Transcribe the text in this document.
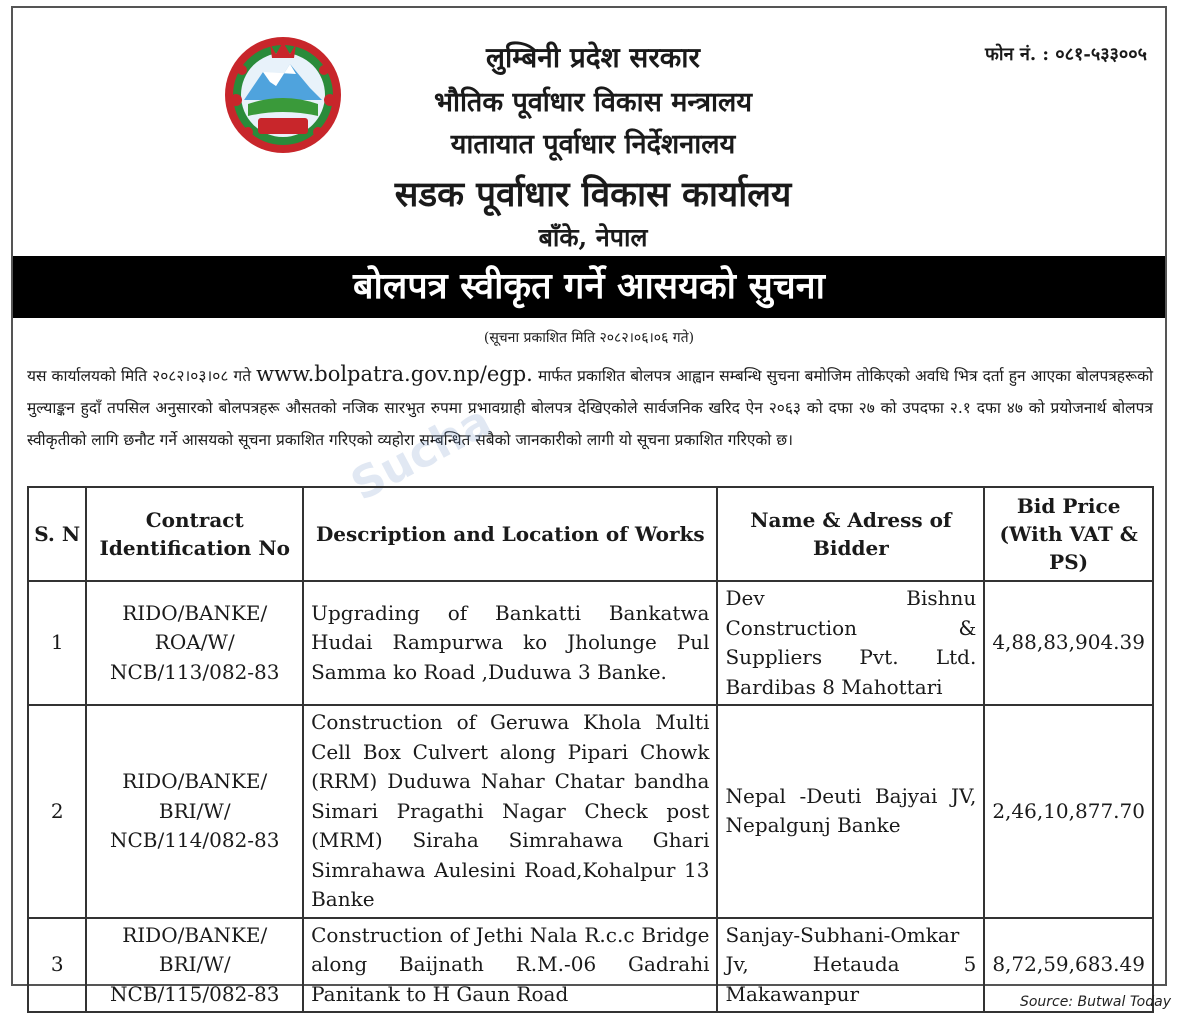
लुम्बिनी प्रदेश सरकार
भौतिक पूर्वाधार विकास मन्त्रालय
यातायात पूर्वाधार निर्देशनालय
सडक पूर्वाधार विकास कार्यालय
बाँके, नेपाल
फोन नं. : ०८१-५३३००५
बोलपत्र स्वीकृत गर्ने आसयको सुचना
(सूचना प्रकाशित मिति २०८२।०६।०६ गते)
यस कार्यालयको मिति २०८२।०३।०८ गते www.bolpatra.gov.np/egp. मार्फत प्रकाशित बोलपत्र आह्वान सम्बन्धि सुचना बमोजिम तोकिएको अवधि भित्र दर्ता हुन आएका बोलपत्रहरूको मुल्याङ्कन हुदाँ तपसिल अनुसारको बोलपत्रहरू औसतको नजिक सारभुत रुपमा प्रभावग्राही बोलपत्र देखिएकोले सार्वजनिक खरिद ऐन २०६३ को दफा २७ को उपदफा २.१ दफा ४७ को प्रयोजनार्थ बोलपत्र स्वीकृतीको लागि छनौट गर्ने आसयको सूचना प्रकाशित गरिएको व्यहोरा सम्बन्धित सबैको जानकारीको लागी यो सूचना प्रकाशित गरिएको छ।
Sucha
S. N	Contract Identification No	Description and Location of Works	Name & Adress of Bidder	Bid Price (With VAT & PS)
1	RIDO/BANKE/ ROA/W/ NCB/113/082-83	Upgrading of Bankatti Bankatwa Hudai Rampurwa ko Jholunge Pul Samma ko Road ,Duduwa 3 Banke.	Dev Bishnu Construction & Suppliers Pvt. Ltd. Bardibas 8 Mahottari	4,88,83,904.39
2	RIDO/BANKE/ BRI/W/ NCB/114/082-83	Construction of Geruwa Khola Multi Cell Box Culvert along Pipari Chowk (RRM) Duduwa Nahar Chatar bandha Simari Pragathi Nagar Check post (MRM) Siraha Simrahawa Ghari Simrahawa Aulesini Road,Kohalpur 13 Banke	Nepal -Deuti Bajyai JV, Nepalgunj Banke	2,46,10,877.70
3	RIDO/BANKE/ BRI/W/ NCB/115/082-83	Construction of Jethi Nala R.c.c Bridge along Baijnath R.M.-06 Gadrahi Panitank to H Gaun Road	Sanjay-Subhani-Omkar Jv, Hetauda 5 Makawanpur	8,72,59,683.49
Source: Butwal Today
